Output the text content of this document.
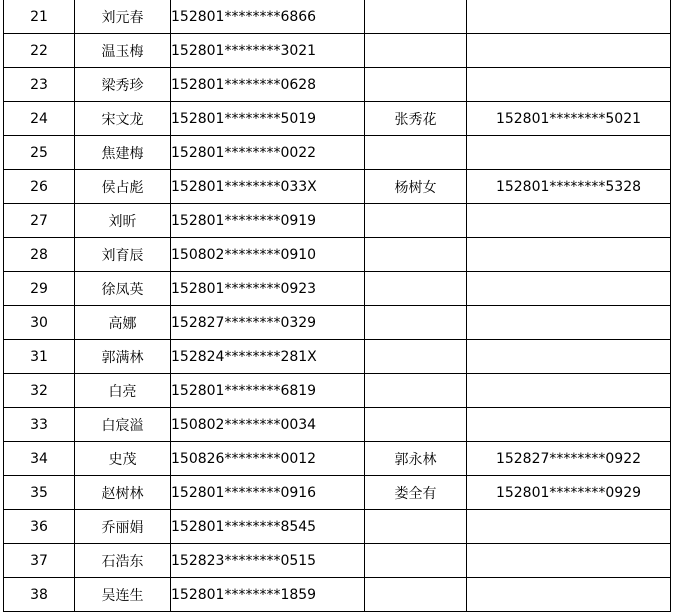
21	刘元春	152801********6866		
22	温玉梅	152801********3021		
23	梁秀珍	152801********0628		
24	宋文龙	152801********5019	张秀花	152801********5021
25	焦建梅	152801********0022		
26	侯占彪	152801********033X	杨树女	152801********5328
27	刘昕	152801********0919		
28	刘育辰	150802********0910		
29	徐凤英	152801********0923		
30	高娜	152827********0329		
31	郭满林	152824********281X		
32	白亮	152801********6819		
33	白宸溢	150802********0034		
34	史茂	150826********0012	郭永林	152827********0922
35	赵树林	152801********0916	娄全有	152801********0929
36	乔丽娟	152801********8545		
37	石浩东	152823********0515		
38	吴连生	152801********1859		
